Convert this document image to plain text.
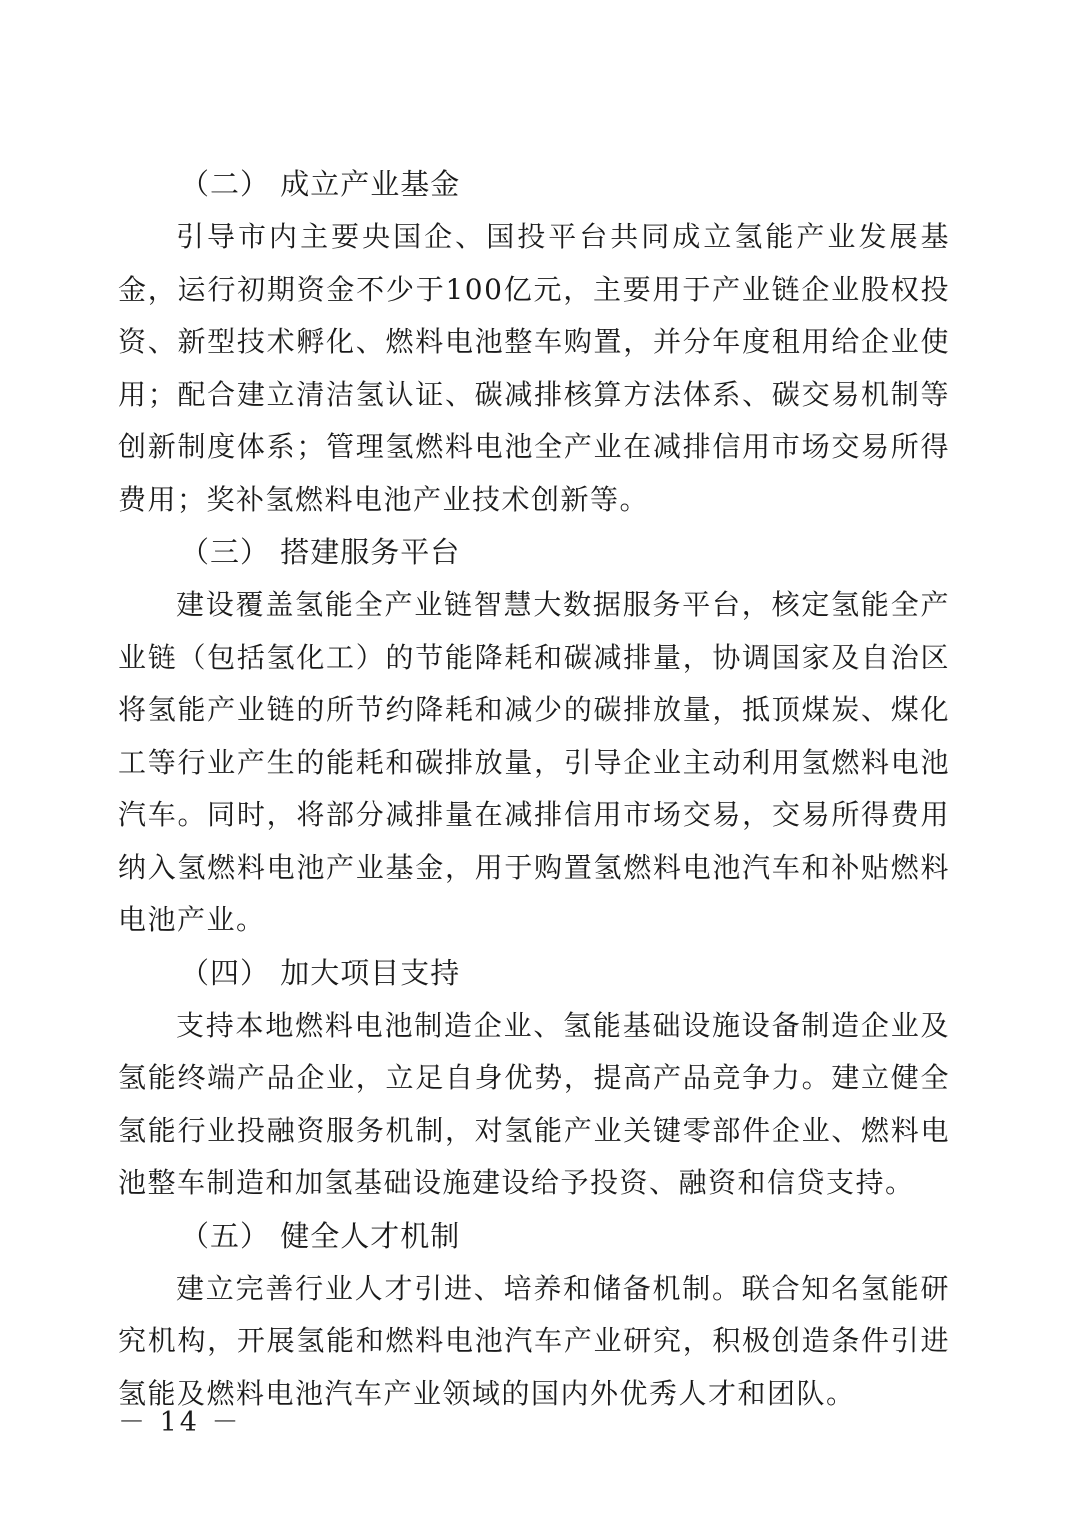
（二） 成立产业基金

引导市内主要央国企、国投平台共同成立氢能产业发展基金，运行初期资金不少于100亿元，主要用于产业链企业股权投资、新型技术孵化、燃料电池整车购置，并分年度租用给企业使用；配合建立清洁氢认证、碳减排核算方法体系、碳交易机制等创新制度体系；管理氢燃料电池全产业在减排信用市场交易所得费用；奖补氢燃料电池产业技术创新等。

（三） 搭建服务平台

建设覆盖氢能全产业链智慧大数据服务平台，核定氢能全产业链（包括氢化工）的节能降耗和碳减排量，协调国家及自治区将氢能产业链的所节约降耗和减少的碳排放量，抵顶煤炭、煤化工等行业产生的能耗和碳排放量，引导企业主动利用氢燃料电池汽车。同时，将部分减排量在减排信用市场交易，交易所得费用纳入氢燃料电池产业基金，用于购置氢燃料电池汽车和补贴燃料电池产业。

（四） 加大项目支持

支持本地燃料电池制造企业、氢能基础设施设备制造企业及氢能终端产品企业，立足自身优势，提高产品竞争力。建立健全氢能行业投融资服务机制，对氢能产业关键零部件企业、燃料电池整车制造和加氢基础设施建设给予投资、融资和信贷支持。

（五） 健全人才机制

建立完善行业人才引进、培养和储备机制。联合知名氢能研究机构，开展氢能和燃料电池汽车产业研究，积极创造条件引进氢能及燃料电池汽车产业领域的国内外优秀人才和团队。

－ 14 －
